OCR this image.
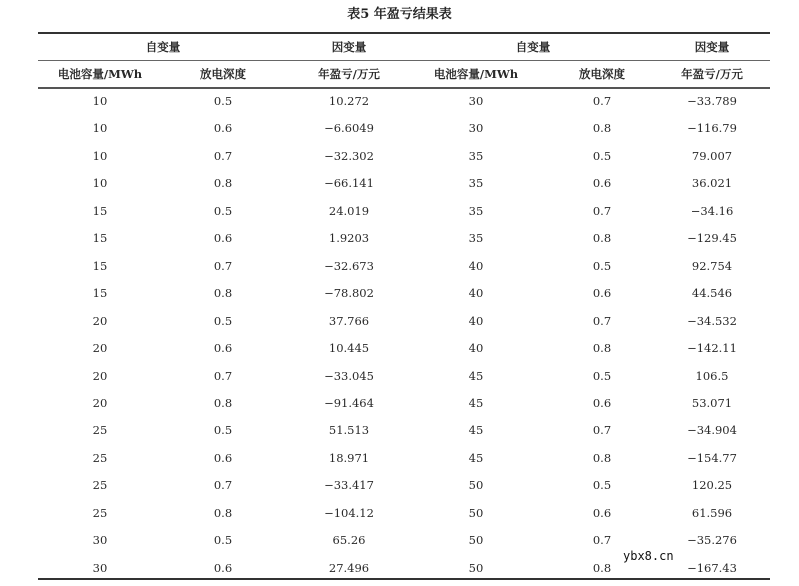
表5 年盈亏结果表
自变量	因变量	自变量	因变量
电池容量/MWh	放电深度	年盈亏/万元	电池容量/MWh	放电深度	年盈亏/万元
10	0.5	10.272	30	0.7	−33.789
10	0.6	−6.6049	30	0.8	−116.79
10	0.7	−32.302	35	0.5	79.007
10	0.8	−66.141	35	0.6	36.021
15	0.5	24.019	35	0.7	−34.16
15	0.6	1.9203	35	0.8	−129.45
15	0.7	−32.673	40	0.5	92.754
15	0.8	−78.802	40	0.6	44.546
20	0.5	37.766	40	0.7	−34.532
20	0.6	10.445	40	0.8	−142.11
20	0.7	−33.045	45	0.5	106.5
20	0.8	−91.464	45	0.6	53.071
25	0.5	51.513	45	0.7	−34.904
25	0.6	18.971	45	0.8	−154.77
25	0.7	−33.417	50	0.5	120.25
25	0.8	−104.12	50	0.6	61.596
30	0.5	65.26	50	0.7	−35.276
30	0.6	27.496	50	0.8	−167.43
ybx8.cn
